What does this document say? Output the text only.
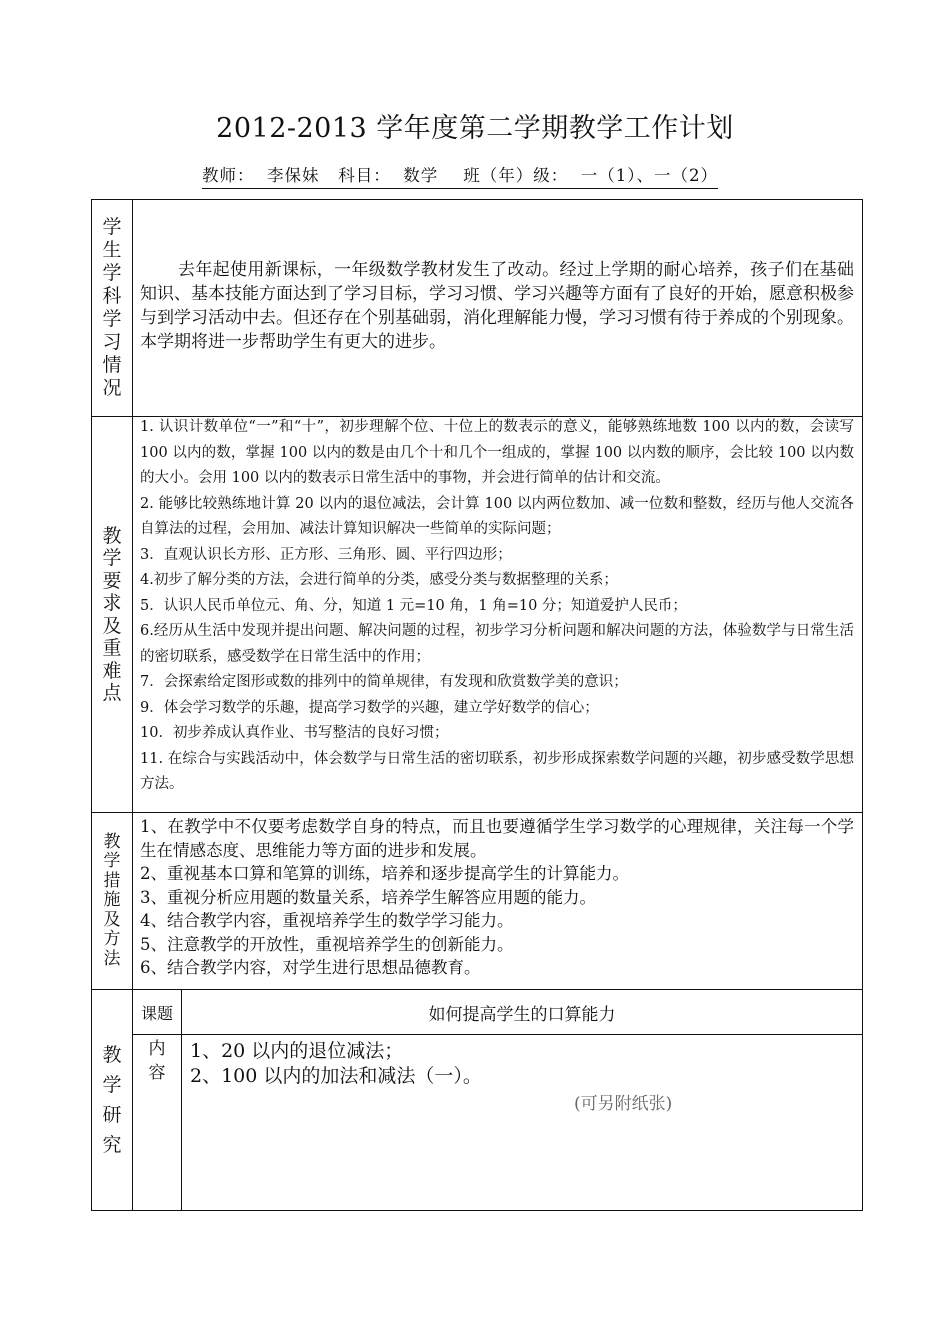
2012-2013 学年度第二学期教学工作计划
教师： 李保妹 科目： 数学 班（年）级： 一（1）、一（2）
学生学科学习情况
去年起使用新课标，一年级数学教材发生了改动。经过上学期的耐心培养，孩子们在基础知识、基本技能方面达到了学习目标，学习习惯、学习兴趣等方面有了良好的开始，愿意积极参与到学习活动中去。但还存在个别基础弱，消化理解能力慢，学习习惯有待于养成的个别现象。本学期将进一步帮助学生有更大的进步。
教学要求及重难点
1. 认识计数单位“一”和“十”，初步理解个位、十位上的数表示的意义，能够熟练地数 100 以内的数，会读写 100 以内的数，掌握 100 以内的数是由几个十和几个一组成的，掌握 100 以内数的顺序，会比较 100 以内数的大小。会用 100 以内的数表示日常生活中的事物，并会进行简单的估计和交流。
2. 能够比较熟练地计算 20 以内的退位减法，会计算 100 以内两位数加、减一位数和整数，经历与他人交流各自算法的过程，会用加、减法计算知识解决一些简单的实际问题；
3．直观认识长方形、正方形、三角形、圆、平行四边形；
4.初步了解分类的方法，会进行简单的分类，感受分类与数据整理的关系；
5．认识人民币单位元、角、分，知道 1 元=10 角，1 角=10 分；知道爱护人民币；
6.经历从生活中发现并提出问题、解决问题的过程，初步学习分析问题和解决问题的方法，体验数学与日常生活的密切联系，感受数学在日常生活中的作用；
7．会探索给定图形或数的排列中的简单规律，有发现和欣赏数学美的意识；
9．体会学习数学的乐趣，提高学习数学的兴趣，建立学好数学的信心；
10．初步养成认真作业、书写整洁的良好习惯；
11. 在综合与实践活动中，体会数学与日常生活的密切联系，初步形成探索数学问题的兴趣，初步感受数学思想方法。
教学措施及方法
1、在教学中不仅要考虑数学自身的特点，而且也要遵循学生学习数学的心理规律，关注每一个学生在情感态度、思维能力等方面的进步和发展。
2、重视基本口算和笔算的训练，培养和逐步提高学生的计算能力。
3、重视分析应用题的数量关系，培养学生解答应用题的能力。
4、结合教学内容，重视培养学生的数学学习能力。
5、注意教学的开放性，重视培养学生的创新能力。
6、结合教学内容，对学生进行思想品德教育。
教学研究
课题	如何提高学生的口算能力
内容
1、20 以内的退位减法；
2、100 以内的加法和减法（一）。
(可另附纸张)
